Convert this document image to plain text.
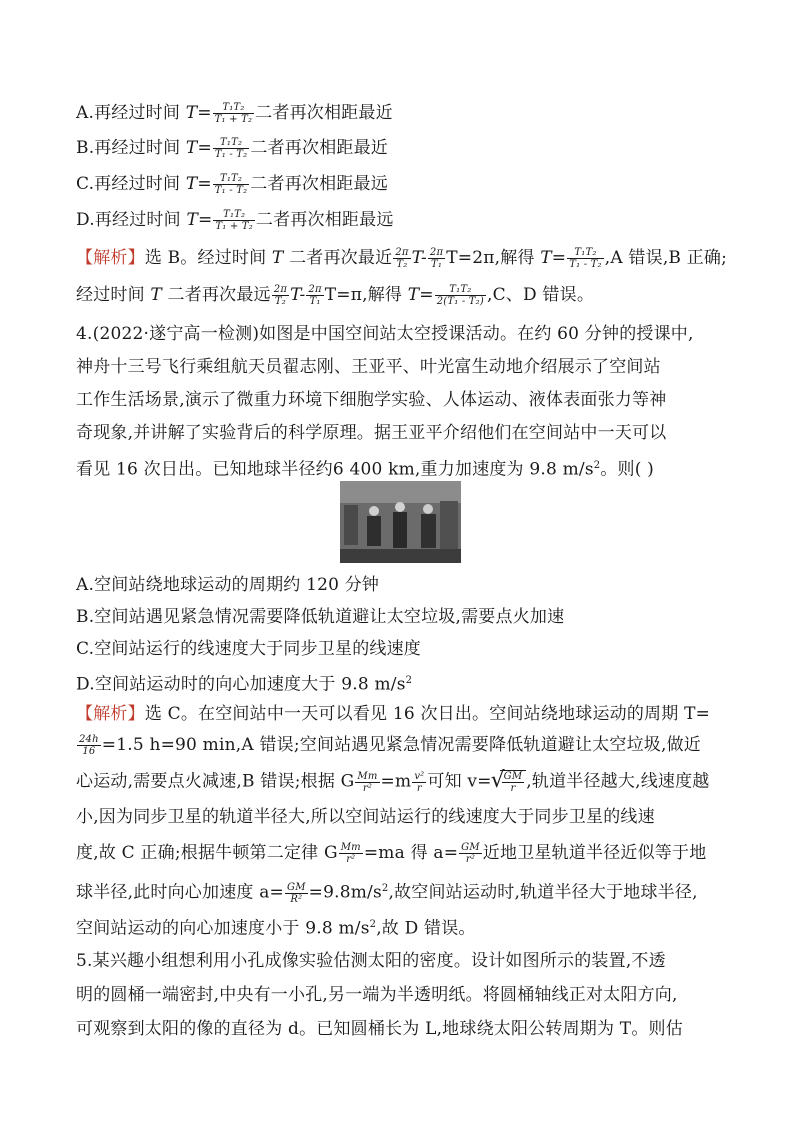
A.再经过时间 $T= \frac{\text{T₁T₂}}{\text{T₁ + T₂}}$ 二者再次相距最近
B.再经过时间 $T= \frac{\text{T₁T₂}}{\text{T₁ - T₂}}$ 二者再次相距最近
C.再经过时间 $T= \frac{\text{T₁T₂}}{\text{T₁ - T₂}}$ 二者再次相距最远
D.再经过时间 $T= \frac{\text{T₁T₂}}{\text{T₁ + T₂}}$ 二者再次相距最远
【解析】选 B。经过时间 T 二者再次最近 $\frac{2\pi}{\text{T₂}} T- \frac{2\pi}{\text{T₁}} T=2\pi$,解得 $T= \frac{\text{T₁T₂}}{\text{T₁ - T₂}} ,A$ 错误,B 正确;
经过时间 T 二者再次最远 $\frac{2\pi}{\text{T₂}} T- \frac{2\pi}{\text{T₁}} T=\pi$,解得 $T= \frac{\text{T₁T₂}}{\text{2(T₁ - T₂)}} ,C$、D 错误。
4.(2022·遂宁高一检测)如图是中国空间站太空授课活动。在约 60 分钟的授课中,
神舟十三号飞行乘组航天员翟志刚、王亚平、叶光富生动地介绍展示了空间站
工作生活场景,演示了微重力环境下细胞学实验、人体运动、液体表面张力等神
奇现象,并讲解了实验背后的科学原理。据王亚平介绍他们在空间站中一天可以
看见 16 次日出。已知地球半径约6 400 km,重力加速度为 9.8 $m/s^2$。则( )
A.空间站绕地球运动的周期约 120 分钟
B.空间站遇见紧急情况需要降低轨道避让太空垃圾,需要点火加速
C.空间站运行的线速度大于同步卫星的线速度
D.空间站运动时的向心加速度大于 9.8 $m/s^2$
【解析】选 C。在空间站中一天可以看见 16 次日出。空间站绕地球运动的周期 T=
$\frac{24h}{16} =1.5$ h=90 min,A 错误;空间站遇见紧急情况需要降低轨道避让太空垃圾,做近
心运动,需要点火减速,B 错误;根据 G $\frac{Mm}{\text{r²}} =m \frac{\text{v²}}{r}$ 可知 v=
√ $\frac{GM}{r}$ ,轨道半径越大,线速度越
小,因为同步卫星的轨道半径大,所以空间站运行的线速度大于同步卫星的线速
度,故 C 正确;根据牛顿第二定律 G $\frac{Mm}{\text{r²}} =ma$ 得 $a= \frac{GM}{\text{r²}}$ 近地卫星轨道半径近似等于地
球半径,此时向心加速度 $a= \frac{GM}{\text{R²}} =9.8m/s^2$,故空间站运动时,轨道半径大于地球半径,
空间站运动的向心加速度小于 9.8 $m/s^2$,故 D 错误。
5.某兴趣小组想利用小孔成像实验估测太阳的密度。设计如图所示的装置,不透
明的圆桶一端密封,中央有一小孔,另一端为半透明纸。将圆桶轴线正对太阳方向,
可观察到太阳的像的直径为 d。已知圆桶长为 L,地球绕太阳公转周期为 T。则估
